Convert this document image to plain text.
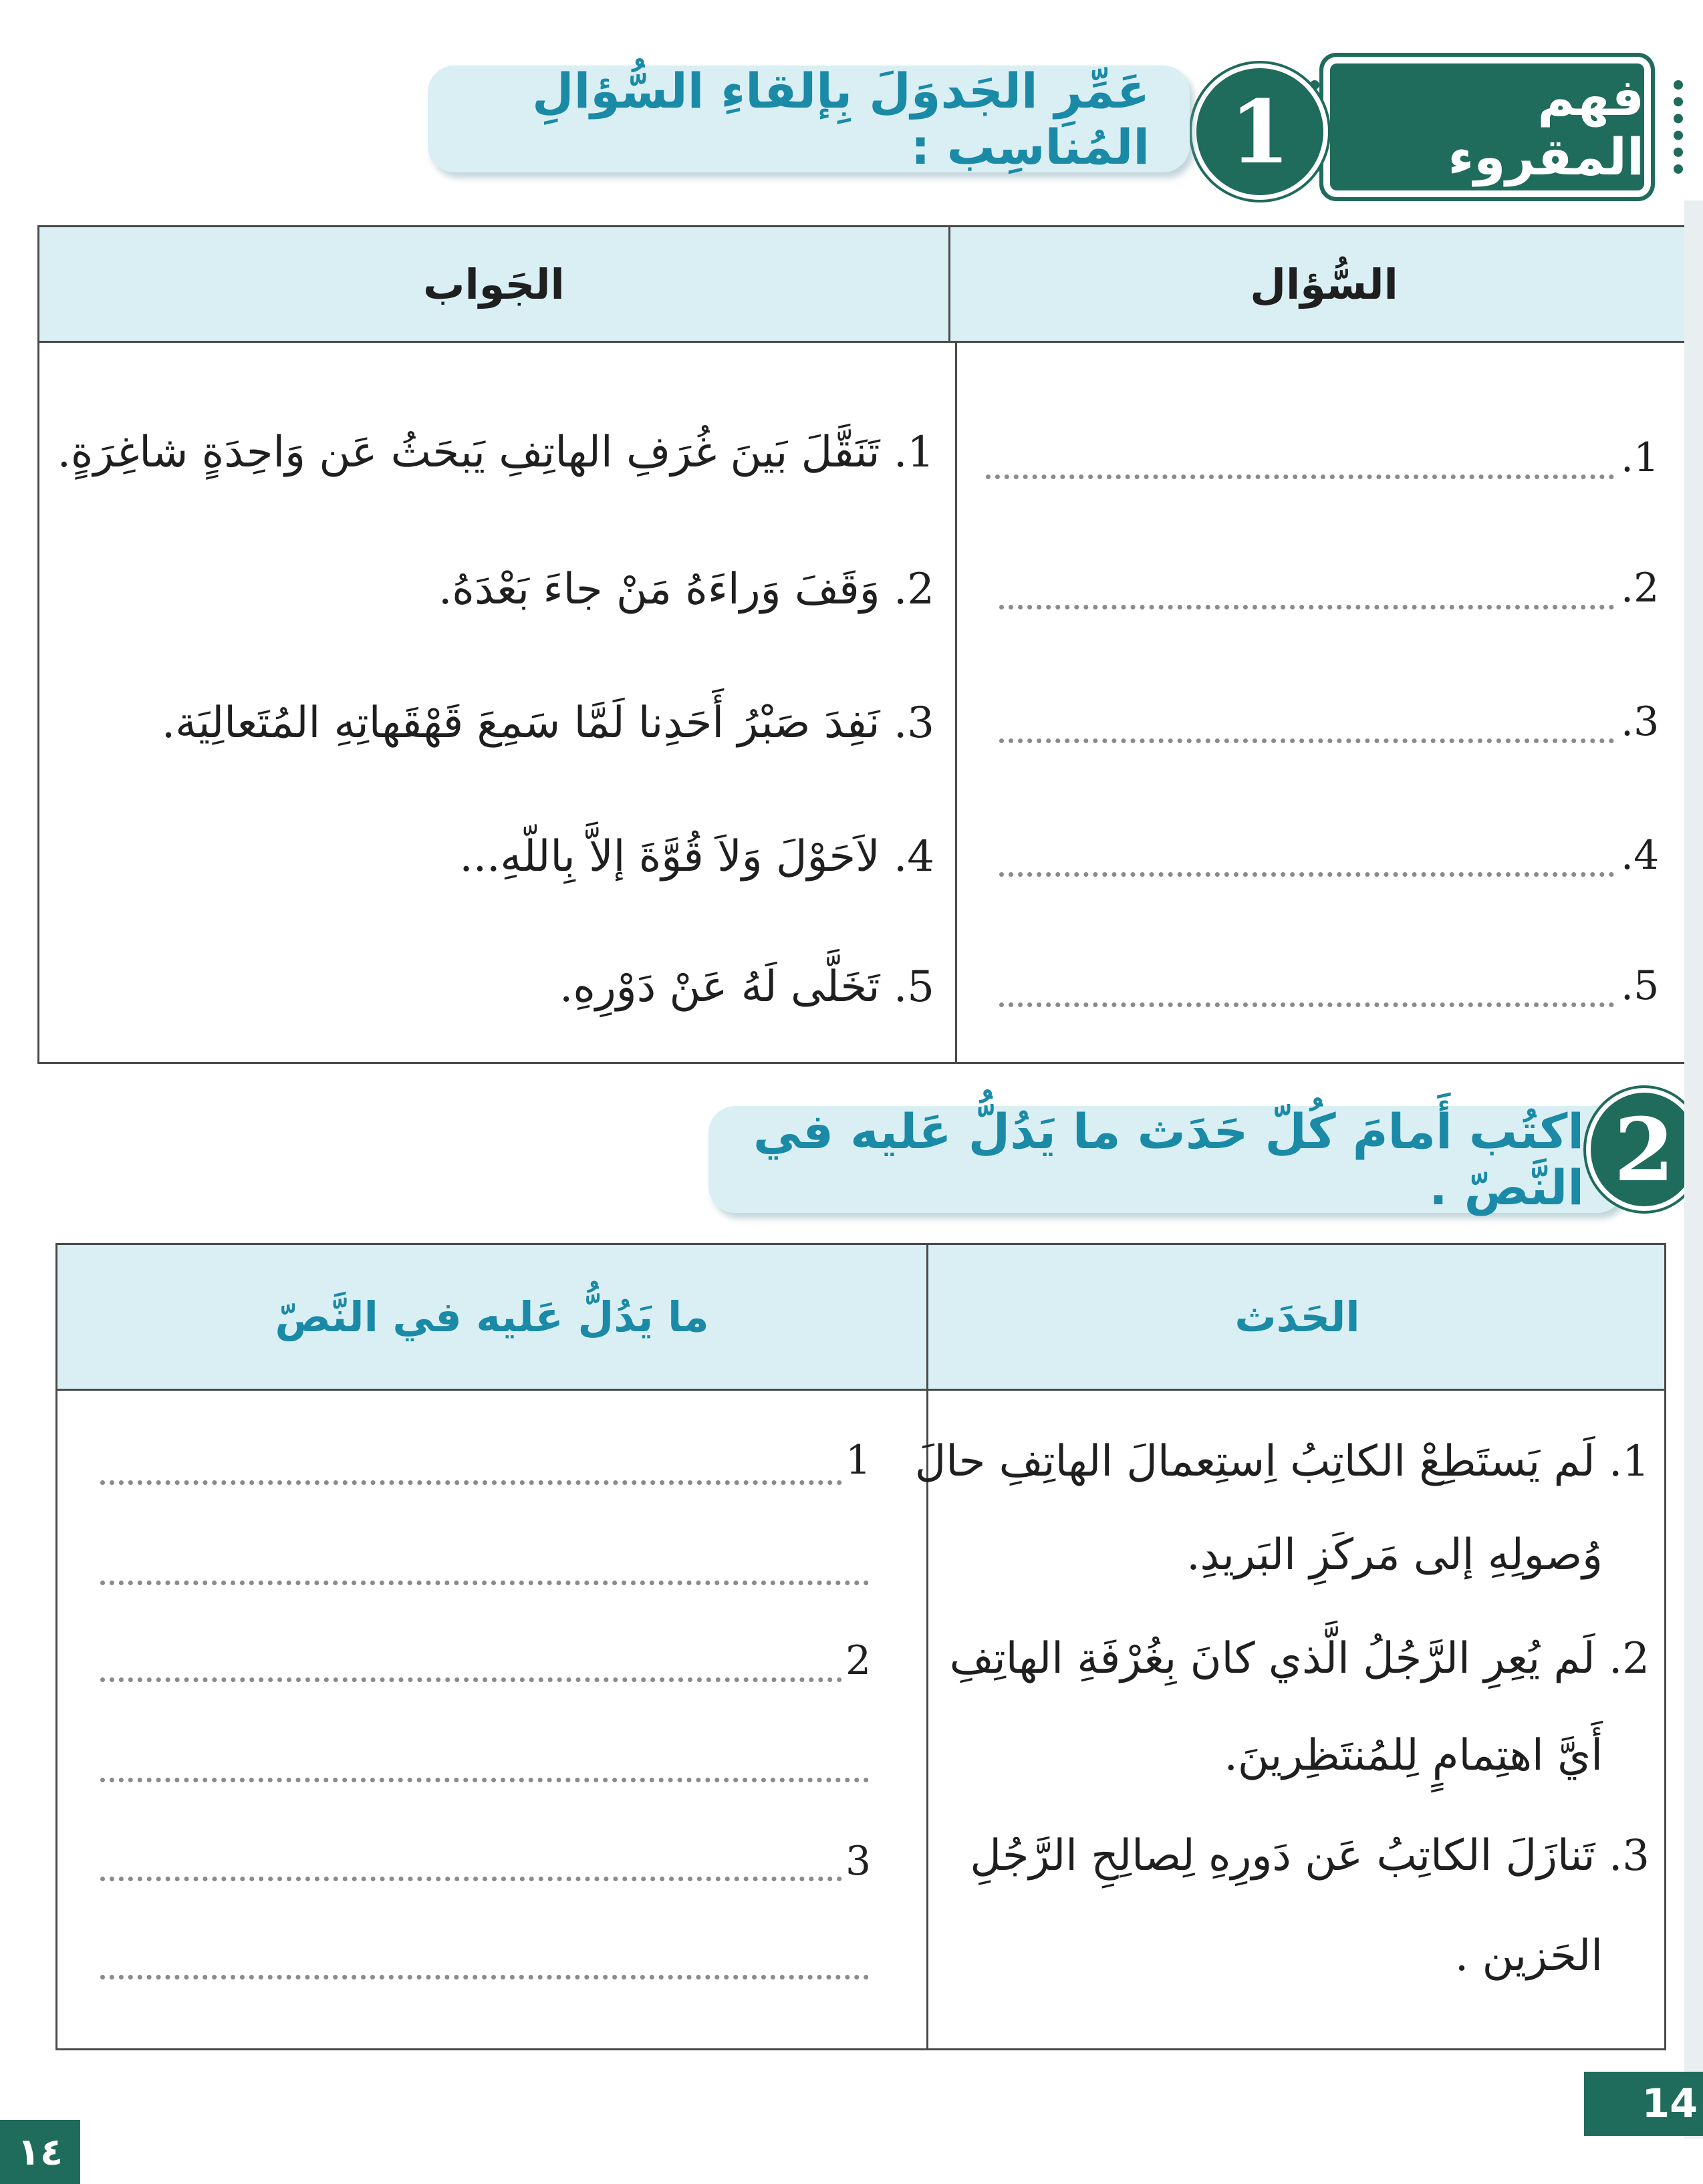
فهم المقروء
1
عَمِّرِ الجَدوَلَ بِإلقاءِ السُّؤالِ المُناسِب :
السُّؤال
الجَواب
.1
.2
.3
.4
.5
1. تَنَقَّلَ بَينَ غُرَفِ الهاتِفِ يَبحَثُ عَن وَاحِدَةٍ شاغِرَةٍ.
2. وَقَفَ وَراءَهُ مَنْ جاءَ بَعْدَهُ.
3. نَفِدَ صَبْرُ أَحَدِنا لَمَّا سَمِعَ قَهْقَهاتِهِ المُتَعالِيَة.
4. لاَحَوْلَ وَلاَ قُوَّةَ إلاَّ بِاللّهِ...
5. تَخَلَّى لَهُ عَنْ دَوْرِهِ.
اكتُب أَمامَ كُلّ حَدَث ما يَدُلُّ عَليه في النَّصّ . 2
الحَدَث
ما يَدُلُّ عَليه في النَّصّ
1. لَم يَستَطِعْ الكاتِبُ اِستِعمالَ الهاتِفِ حالَ
وُصولِهِ إلى مَركَزِ البَريدِ.
2. لَم يُعِرِ الرَّجُلُ الَّذي كانَ بِغُرْفَةِ الهاتِفِ
أَيَّ اهتِمامٍ لِلمُنتَظِرينَ.
3. تَنازَلَ الكاتِبُ عَن دَورِهِ لِصالِحِ الرَّجُلِ
الحَزين .
1
2
3
١٤
14
